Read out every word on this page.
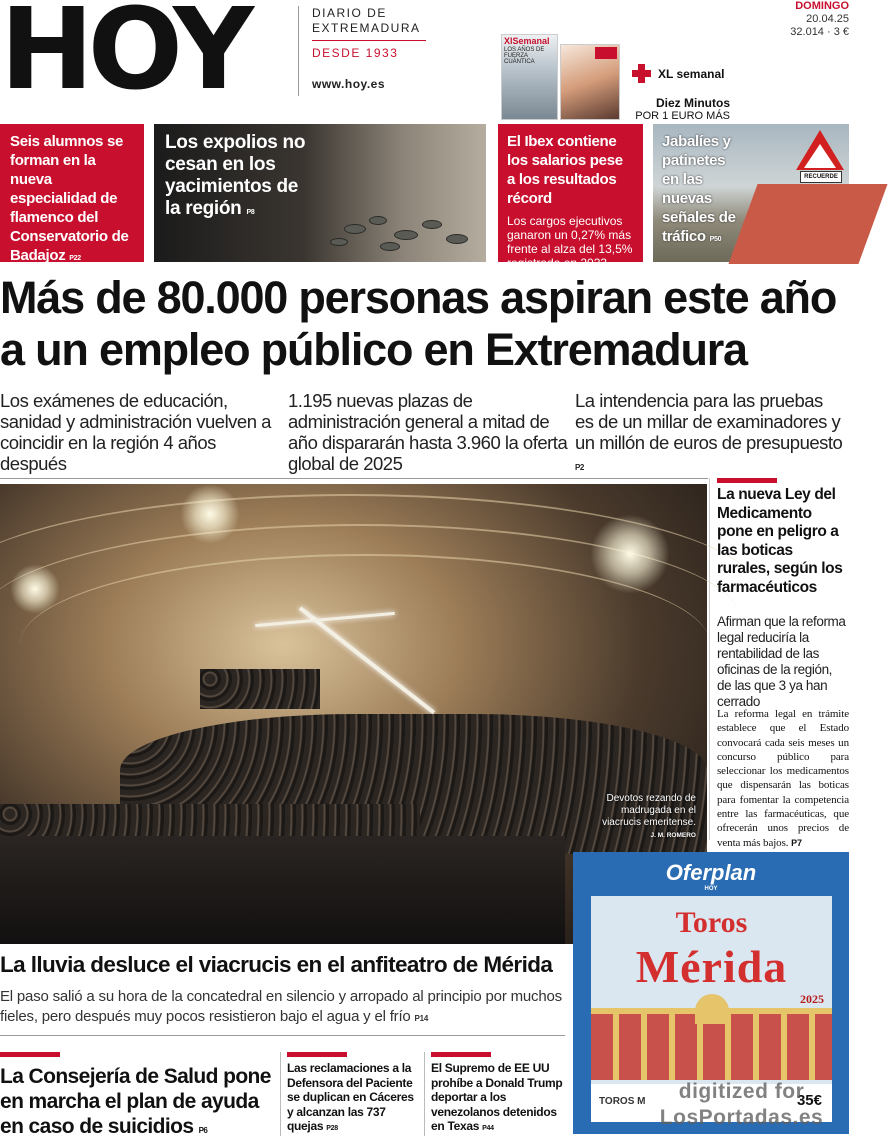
HOY	DIARIO DE
EXTREMADURA
DESDE 1933
www.hoy.es
DOMINGO
20.04.25
32.014 · 3 €
XlSemanal
LOS AÑOS DE FUERZA CUÁNTICA
XL semanal
Diez Minutos
POR 1 EURO MÁS
Seis alumnos se forman en la nueva especialidad de flamenco del Conservatorio de Badajoz P22
Los expolios no cesan en los yacimientos de la región P8
El Ibex contiene los salarios pese a los resultados récord
Los cargos ejecutivos ganaron un 0,27% más frente al alza del 13,5% registrada en 2023 P46
RECUERDE
Jabalíes y patinetes en las nuevas señales de tráfico P50
Más de 80.000 personas aspiran este año a un empleo público en Extremadura
Los exámenes de educación, sanidad y administración vuelven a coincidir en la región 4 años después
1.195 nuevas plazas de administración general a mitad de año dispararán hasta 3.960 la oferta global de 2025
La intendencia para las pruebas es de un millar de examinadores y un millón de euros de presupuesto P2
Devotos rezando de madrugada en el viacrucis emeritense. J. M. ROMERO
La lluvia desluce el viacrucis en el anfiteatro de Mérida
El paso salió a su hora de la concatedral en silencio y arropado al principio por muchos fieles, pero después muy pocos resistieron bajo el agua y el frío P14
La nueva Ley del Medicamento pone en peligro a las boticas rurales, según los farmacéuticos
Afirman que la reforma legal reduciría la rentabilidad de las oficinas de la región, de las que 3 ya han cerrado
La reforma legal en trámite establece que el Estado convocará cada seis meses un concurso público para seleccionar los medicamentos que dispensarán las boticas para fomentar la competencia entre las farmacéuticas, que ofrecerán unos precios de venta más bajos. P7
Oferplan
HOY
Toros
Mérida
2025
TOROS M	35€
digitized for
LosPortadas.es
La Consejería de Salud pone en marcha el plan de ayuda en caso de suicidios P6
Las reclamaciones a la Defensora del Paciente se duplican en Cáceres y alcanzan las 737 quejas P28
El Supremo de EE UU prohíbe a Donald Trump deportar a los venezolanos detenidos en Texas P44
